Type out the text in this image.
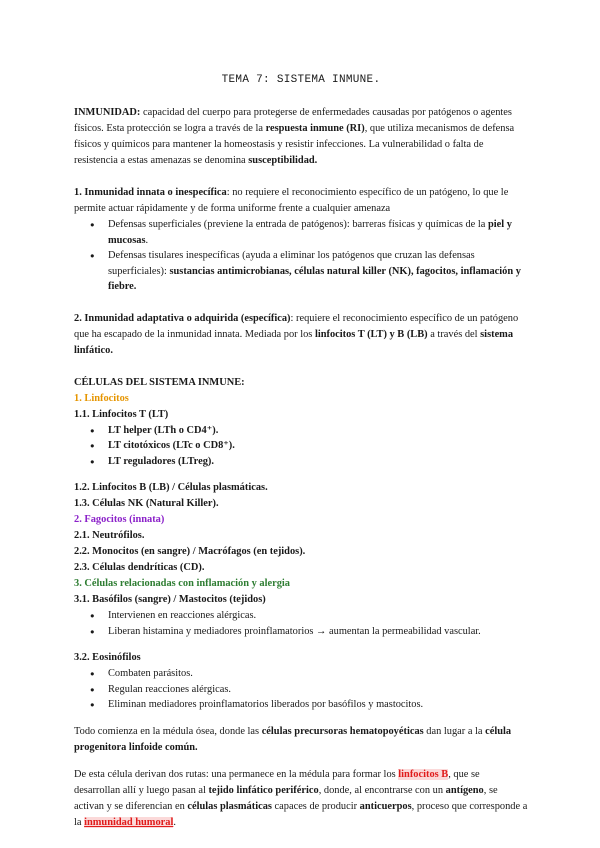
TEMA 7: SISTEMA INMUNE.

INMUNIDAD: capacidad del cuerpo para protegerse de enfermedades causadas por patógenos o agentes físicos. Esta protección se logra a través de la respuesta inmune (RI), que utiliza mecanismos de defensa físicos y químicos para mantener la homeostasis y resistir infecciones. La vulnerabilidad o falta de resistencia a estas amenazas se denomina susceptibilidad.

1. Inmunidad innata o inespecífica: no requiere el reconocimiento específico de un patógeno, lo que le permite actuar rápidamente y de forma uniforme frente a cualquier amenaza

● Defensas superficiales (previene la entrada de patógenos): barreras físicas y químicas de la piel y mucosas.
● Defensas tisulares inespecíficas (ayuda a eliminar los patógenos que cruzan las defensas superficiales): sustancias antimicrobianas, células natural killer (NK), fagocitos, inflamación y fiebre.

2. Inmunidad adaptativa o adquirida (específica): requiere el reconocimiento específico de un patógeno que ha escapado de la inmunidad innata. Mediada por los linfocitos T (LT) y B (LB) a través del sistema linfático.

CÉLULAS DEL SISTEMA INMUNE:
1. Linfocitos
1.1. Linfocitos T (LT)
● LT helper (LTh o CD4⁺).
● LT citotóxicos (LTc o CD8⁺).
● LT reguladores (LTreg).
1.2. Linfocitos B (LB) / Células plasmáticas.
1.3. Células NK (Natural Killer).
2. Fagocitos (innata)
2.1. Neutrófilos.
2.2. Monocitos (en sangre) / Macrófagos (en tejidos).
2.3. Células dendríticas (CD).
3. Células relacionadas con inflamación y alergia
3.1. Basófilos (sangre) / Mastocitos (tejidos)
● Intervienen en reacciones alérgicas.
● Liberan histamina y mediadores proinflamatorios → aumentan la permeabilidad vascular.
3.2. Eosinófilos
● Combaten parásitos.
● Regulan reacciones alérgicas.
● Eliminan mediadores proinflamatorios liberados por basófilos y mastocitos.

Todo comienza en la médula ósea, donde las células precursoras hematopoyéticas dan lugar a la célula progenitora linfoide común.

De esta célula derivan dos rutas: una permanece en la médula para formar los linfocitos B, que se desarrollan allí y luego pasan al tejido linfático periférico, donde, al encontrarse con un antígeno, se activan y se diferencian en células plasmáticas capaces de producir anticuerpos, proceso que corresponde a la inmunidad humoral.
